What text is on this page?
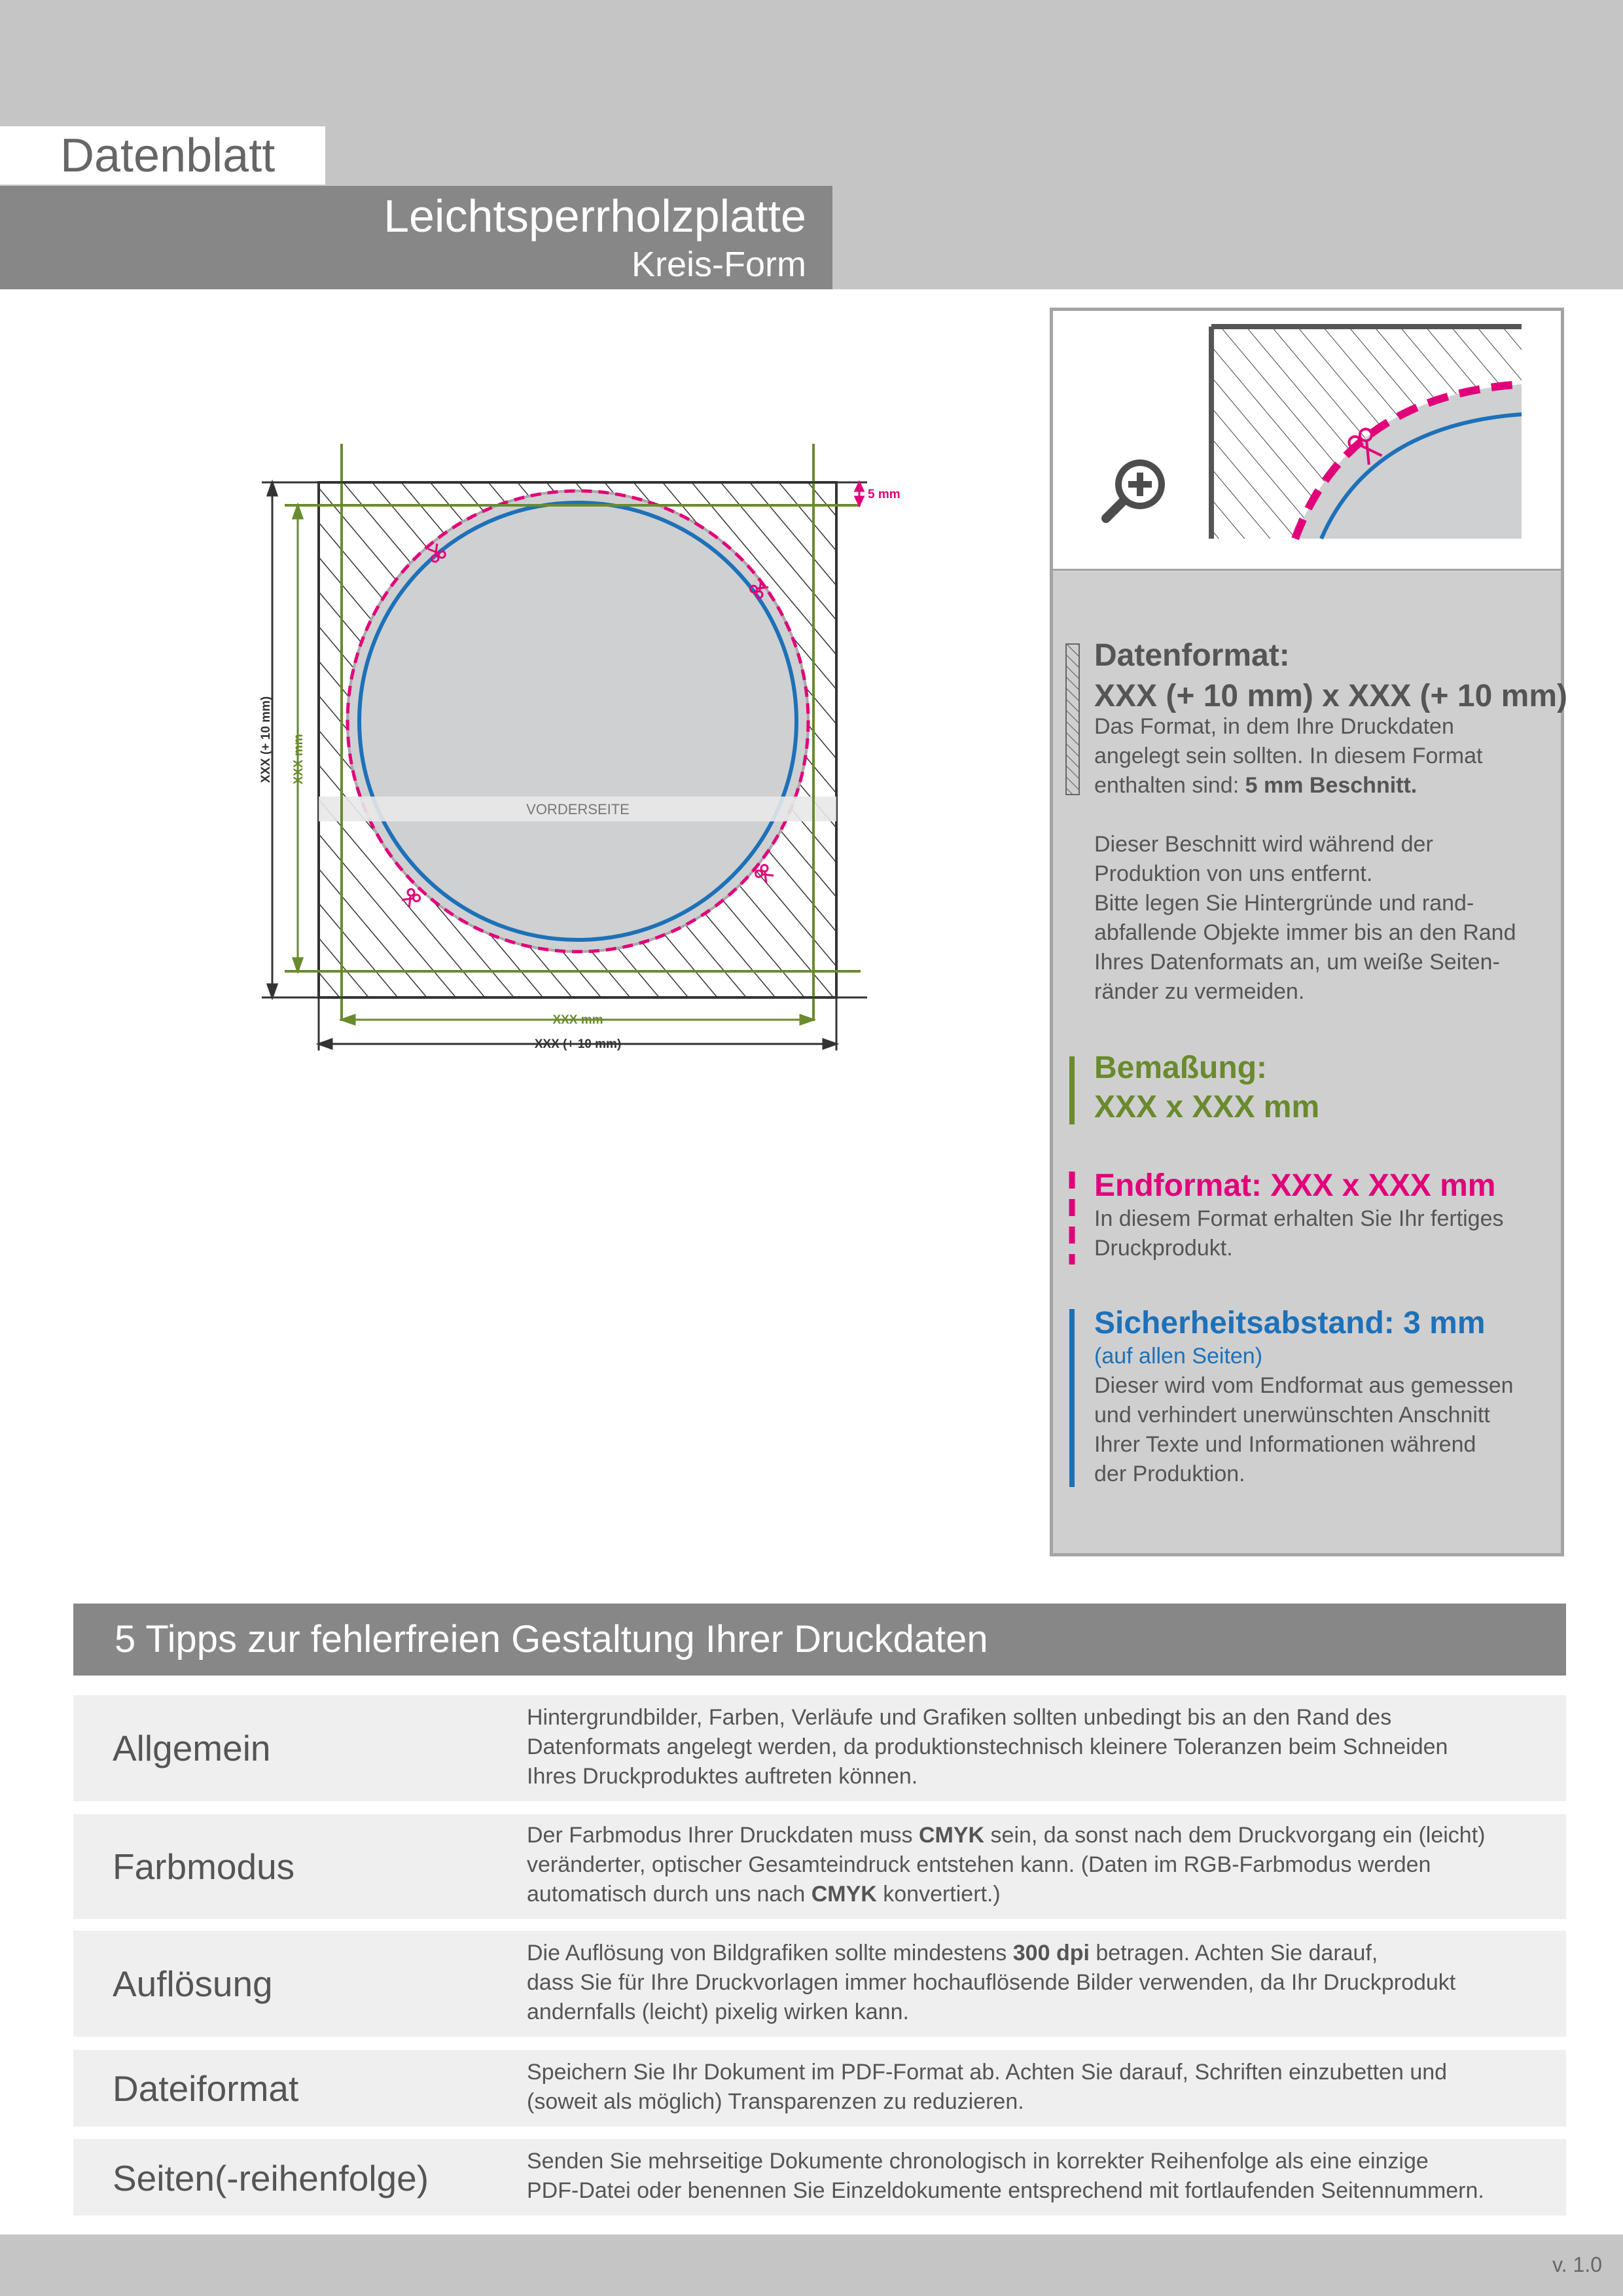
Datenblatt
Leichtsperrholzplatte
Kreis-Form
VORDERSEITE
XXX (+ 10 mm) XXX mm
XXX mm
XXX (+ 10 mm)
5 mm
Datenformat:
XXX (+ 10 mm) x XXX (+ 10 mm)
Das Format, in dem Ihre Druckdaten
angelegt sein sollten. In diesem Format
enthalten sind: 5 mm Beschnitt.
Dieser Beschnitt wird während der
Produktion von uns entfernt.
Bitte legen Sie Hintergründe und rand-
abfallende Objekte immer bis an den Rand
Ihres Datenformats an, um weiße Seiten-
ränder zu vermeiden.
Bemaßung:
XXX x XXX mm
Endformat: XXX x XXX mm
In diesem Format erhalten Sie Ihr fertiges
Druckprodukt.
Sicherheitsabstand: 3 mm
(auf allen Seiten)
Dieser wird vom Endformat aus gemessen
und verhindert unerwünschten Anschnitt
Ihrer Texte und Informationen während
der Produktion.
5 Tipps zur fehlerfreien Gestaltung Ihrer Druckdaten
Allgemein
Hintergrundbilder, Farben, Verläufe und Grafiken sollten unbedingt bis an den Rand des
Datenformats angelegt werden, da produktionstechnisch kleinere Toleranzen beim Schneiden
Ihres Druckproduktes auftreten können.
Farbmodus
Der Farbmodus Ihrer Druckdaten muss CMYK sein, da sonst nach dem Druckvorgang ein (leicht)
veränderter, optischer Gesamteindruck entstehen kann. (Daten im RGB-Farbmodus werden
automatisch durch uns nach CMYK konvertiert.)
Auflösung
Die Auflösung von Bildgrafiken sollte mindestens 300 dpi betragen. Achten Sie darauf,
dass Sie für Ihre Druckvorlagen immer hochauflösende Bilder verwenden, da Ihr Druckprodukt
andernfalls (leicht) pixelig wirken kann.
Dateiformat	Speichern Sie Ihr Dokument im PDF-Format ab. Achten Sie darauf, Schriften einzubetten und
(soweit als möglich) Transparenzen zu reduzieren.
Seiten(-reihenfolge)	Senden Sie mehrseitige Dokumente chronologisch in korrekter Reihenfolge als eine einzige
PDF-Datei oder benennen Sie Einzeldokumente entsprechend mit fortlaufenden Seitennummern.
v. 1.0
